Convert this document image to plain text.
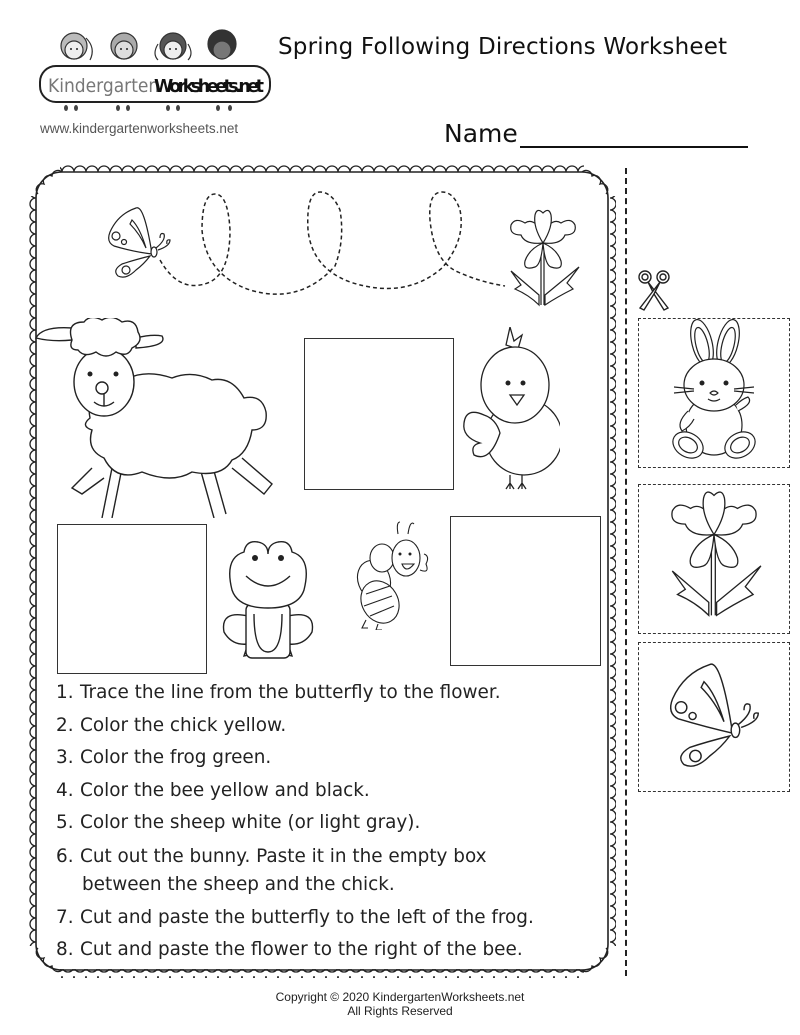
Kindergarten
Worksheets.net
www.kindergartenworksheets.net
Spring Following Directions Worksheet
Name
1. Trace the line from the butterfly to the flower.
2. Color the chick yellow.
3. Color the frog green.
4. Color the bee yellow and black.
5. Color the sheep white (or light gray).
6. Cut out the bunny. Paste it in the empty box
between the sheep and the chick.
7. Cut and paste the butterfly to the left of the frog.
8. Cut and paste the flower to the right of the bee.
Copyright © 2020 KindergartenWorksheets.net
All Rights Reserved
